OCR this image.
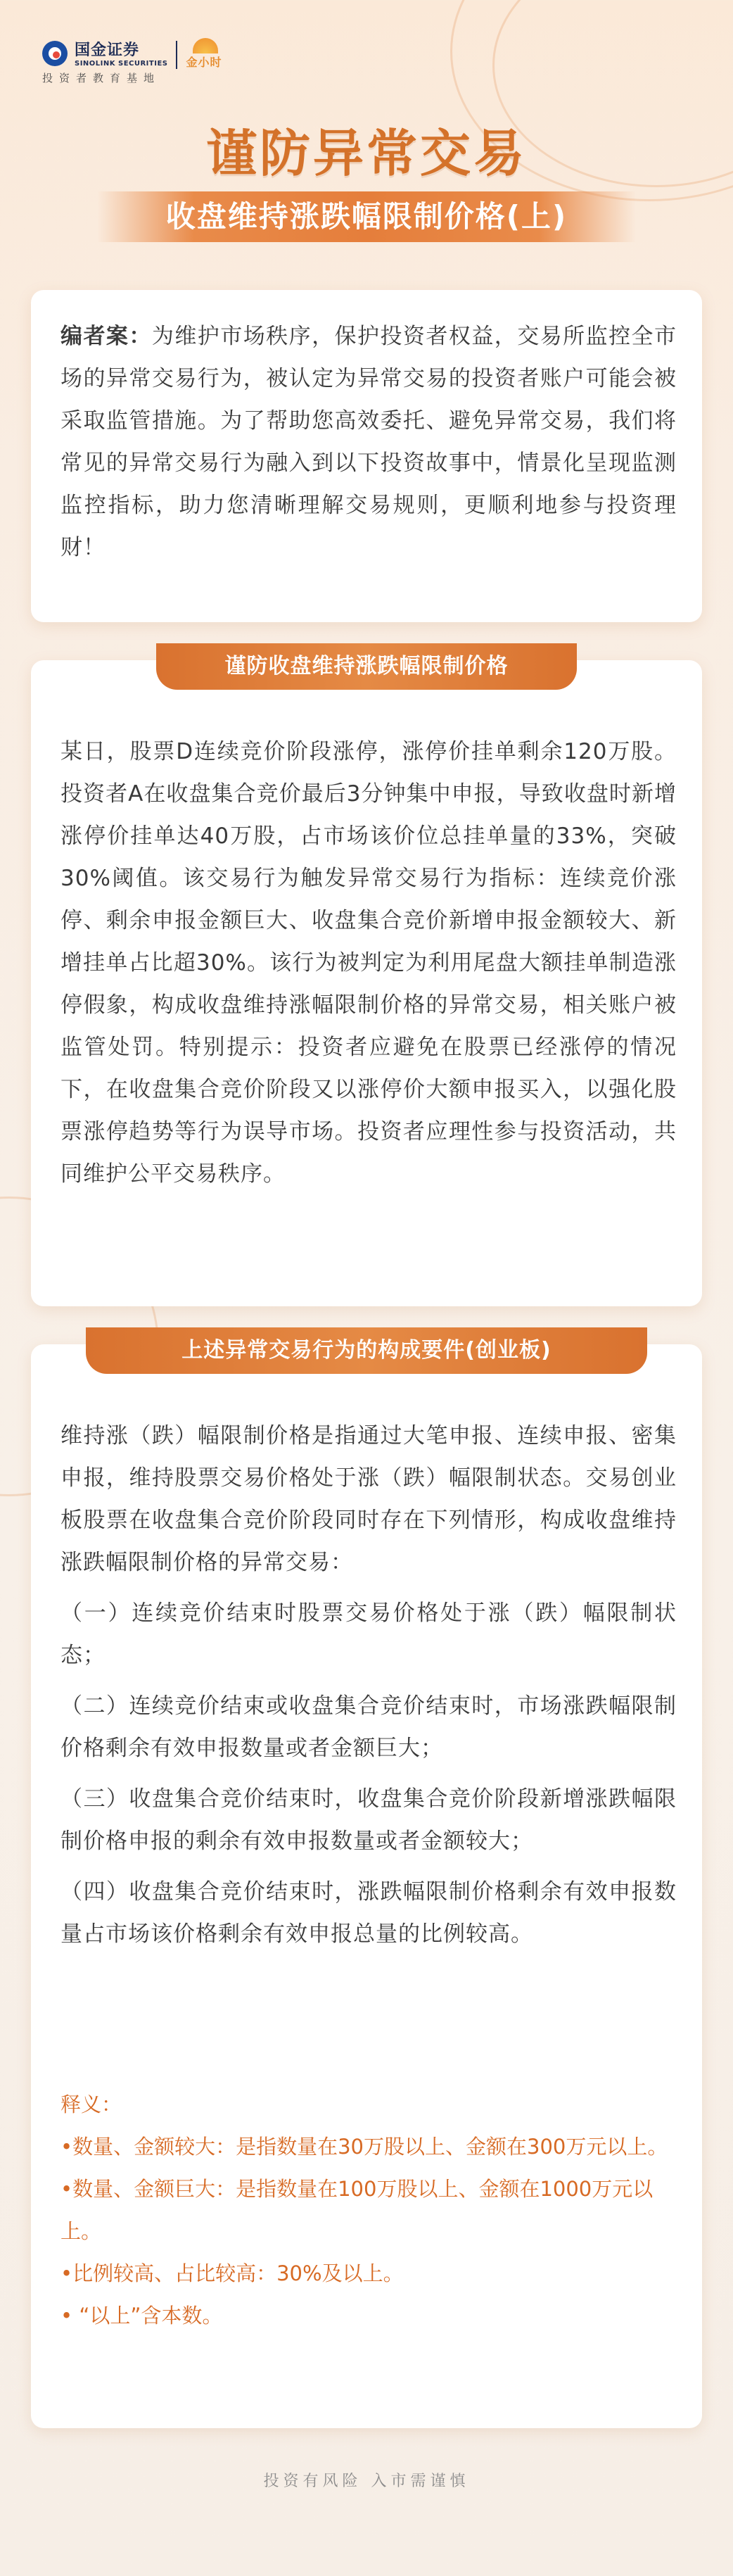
国金证券
SINOLINK SECURITIES 金小时
投资者教育基地
谨防异常交易
收盘维持涨跌幅限制价格(上)
编者案：为维护市场秩序，保护投资者权益，交易所监控全市场的异常交易行为，被认定为异常交易的投资者账户可能会被采取监管措施。为了帮助您高效委托、避免异常交易，我们将常见的异常交易行为融入到以下投资故事中，情景化呈现监测监控指标，助力您清晰理解交易规则，更顺利地参与投资理财！
谨防收盘维持涨跌幅限制价格
某日，股票D连续竞价阶段涨停，涨停价挂单剩余120万股。投资者A在收盘集合竞价最后3分钟集中申报，导致收盘时新增涨停价挂单达40万股，占市场该价位总挂单量的33%，突破30%阈值。该交易行为触发异常交易行为指标：连续竞价涨停、剩余申报金额巨大、收盘集合竞价新增申报金额较大、新增挂单占比超30%。该行为被判定为利用尾盘大额挂单制造涨停假象，构成收盘维持涨幅限制价格的异常交易，相关账户被监管处罚。特别提示：投资者应避免在股票已经涨停的情况下，在收盘集合竞价阶段又以涨停价大额申报买入，以强化股票涨停趋势等行为误导市场。投资者应理性参与投资活动，共同维护公平交易秩序。
上述异常交易行为的构成要件(创业板)

维持涨（跌）幅限制价格是指通过大笔申报、连续申报、密集申报，维持股票交易价格处于涨（跌）幅限制状态。交易创业板股票在收盘集合竞价阶段同时存在下列情形，构成收盘维持涨跌幅限制价格的异常交易：

（一）连续竞价结束时股票交易价格处于涨（跌）幅限制状态；

（二）连续竞价结束或收盘集合竞价结束时，市场涨跌幅限制价格剩余有效申报数量或者金额巨大；

（三）收盘集合竞价结束时，收盘集合竞价阶段新增涨跌幅限制价格申报的剩余有效申报数量或者金额较大；

（四）收盘集合竞价结束时，涨跌幅限制价格剩余有效申报数量占市场该价格剩余有效申报总量的比例较高。

释义：

•数量、金额较大：是指数量在30万股以上、金额在300万元以上。

•数量、金额巨大：是指数量在100万股以上、金额在1000万元以上。

•比例较高、占比较高：30%及以上。

• “以上”含本数。

投资有风险 入市需谨慎
